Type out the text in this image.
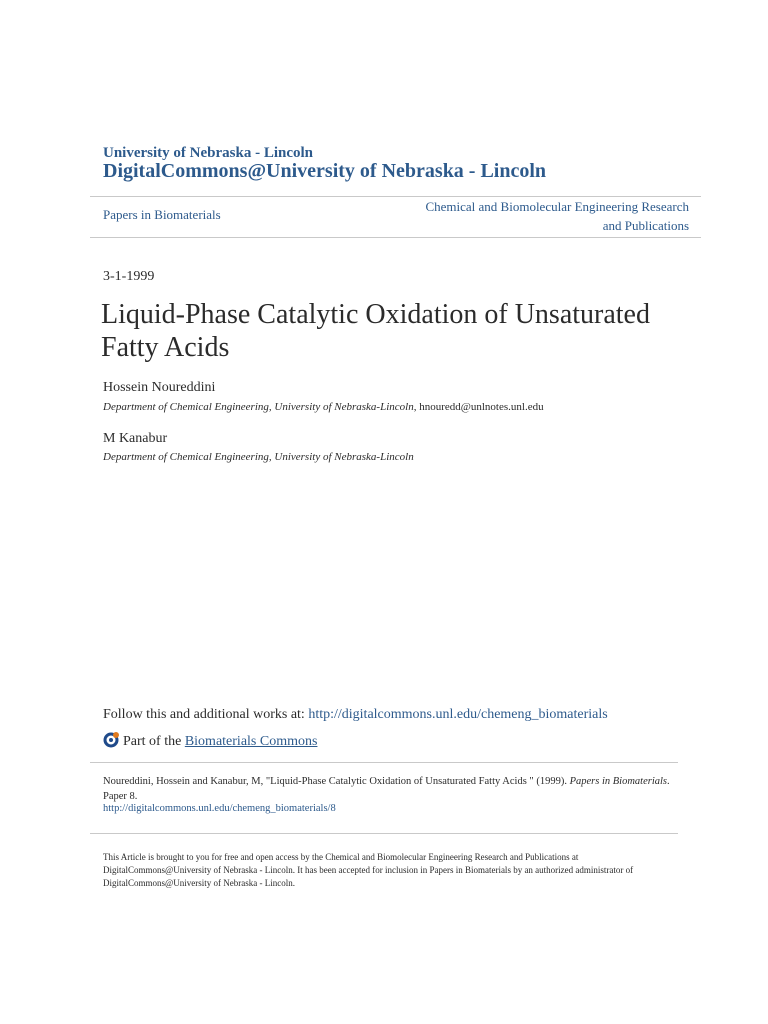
University of Nebraska - Lincoln
DigitalCommons@University of Nebraska - Lincoln
Papers in Biomaterials
Chemical and Biomolecular Engineering Research
and Publications
3-1-1999
Liquid-Phase Catalytic Oxidation of Unsaturated
Fatty Acids
Hossein Noureddini
Department of Chemical Engineering, University of Nebraska-Lincoln, hnouredd@unlnotes.unl.edu
M Kanabur
Department of Chemical Engineering, University of Nebraska-Lincoln
Follow this and additional works at: http://digitalcommons.unl.edu/chemeng_biomaterials
Part of the Biomaterials Commons
Noureddini, Hossein and Kanabur, M, "Liquid-Phase Catalytic Oxidation of Unsaturated Fatty Acids " (1999). Papers in Biomaterials. Paper 8.
http://digitalcommons.unl.edu/chemeng_biomaterials/8
This Article is brought to you for free and open access by the Chemical and Biomolecular Engineering Research and Publications at DigitalCommons@University of Nebraska - Lincoln. It has been accepted for inclusion in Papers in Biomaterials by an authorized administrator of DigitalCommons@University of Nebraska - Lincoln.
